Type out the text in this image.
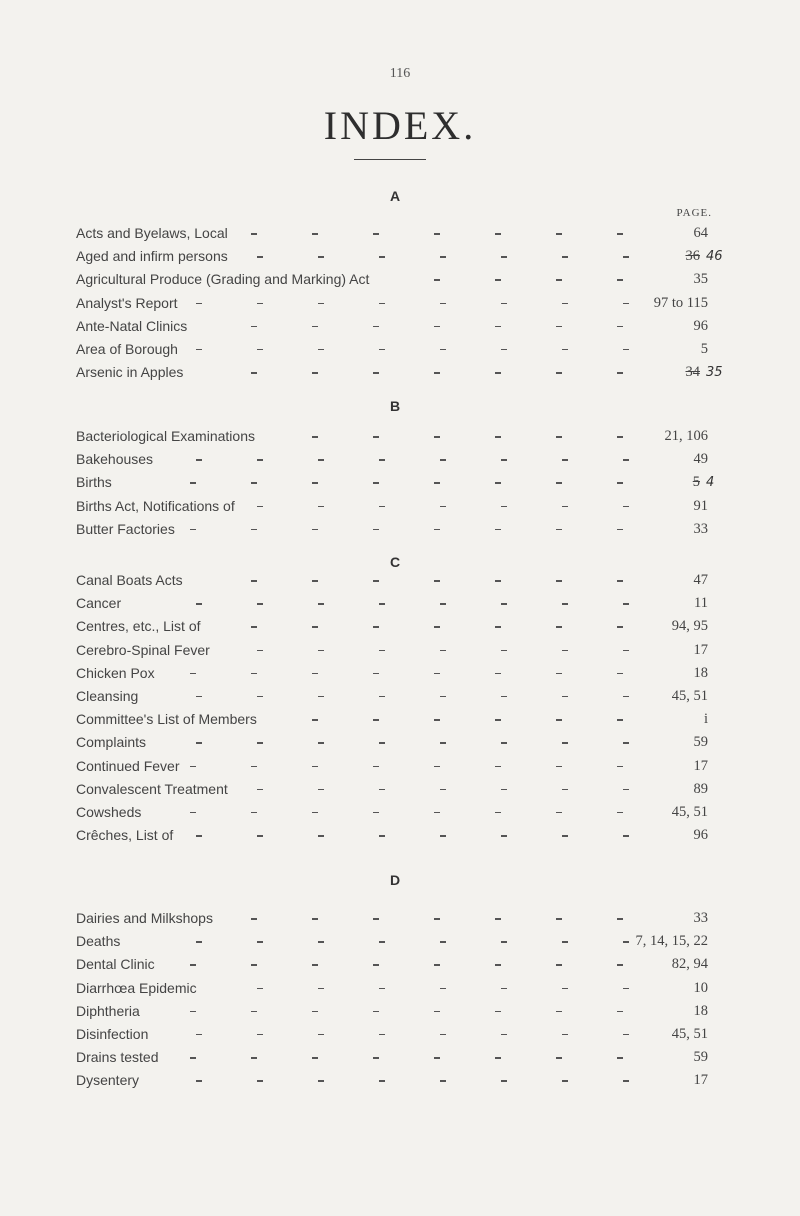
116
INDEX.
PAGE.
A
Acts and Byelaws, Local	64
Aged and infirm persons	36 46
Agricultural Produce (Grading and Marking) Act	35
Analyst's Report	97 to 115
Ante-Natal Clinics	96
Area of Borough	5
Arsenic in Apples	34 35
B
Bacteriological Examinations	21, 106
Bakehouses	49
Births	5 4
Births Act, Notifications of	91
Butter Factories	33
C
Canal Boats Acts	47
Cancer	11
Centres, etc., List of	94, 95
Cerebro-Spinal Fever	17
Chicken Pox	18
Cleansing	45, 51
Committee's List of Members	i
Complaints	59
Continued Fever	17
Convalescent Treatment	89
Cowsheds	45, 51
Crêches, List of	96
D
Dairies and Milkshops	33
Deaths	7, 14, 15, 22
Dental Clinic	82, 94
Diarrhœa Epidemic	10
Diphtheria	18
Disinfection	45, 51
Drains tested	59
Dysentery	17
